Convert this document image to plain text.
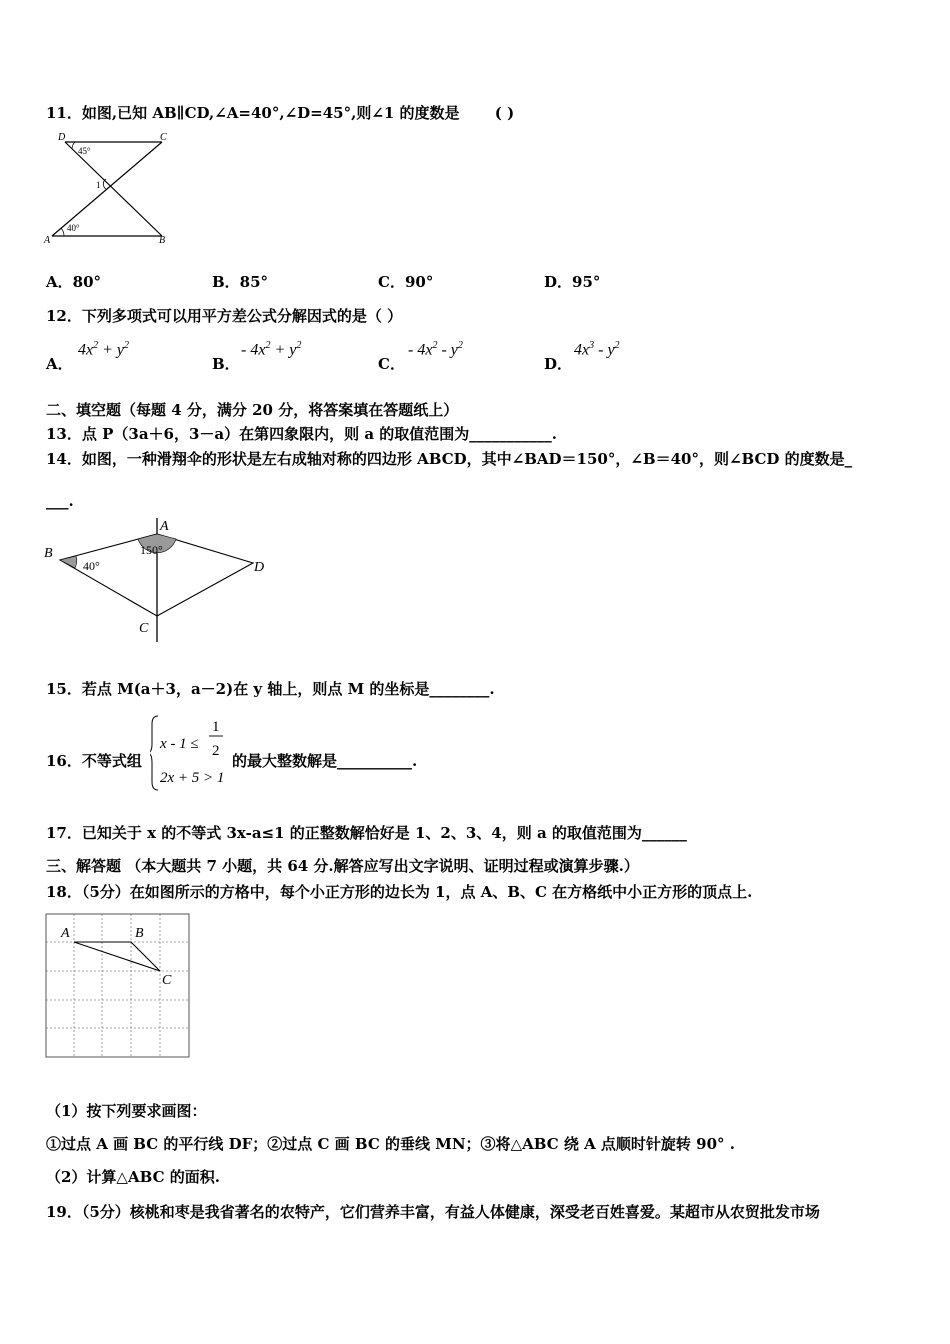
11．如图,已知 AB∥CD,∠A=40°,∠D=45°,则∠1 的度数是 ( )
D	C
A	B
45°
40°
1
A．80°	B．85°	C．90°	D．95°
12．下列多项式可以用平方差公式分解因式的是（ ）
A．
$4x^2 + y^2$
B．
- $4x^2 + y^2$
C．
- $4x^2 - y^2$
D．
$4x^3 - y^2$
二、填空题（每题 4 分，满分 20 分，将答案填在答题纸上）
13．点 P（3a＋6，3－a）在第四象限内，则 a 的取值范围为___________.
14．如图，一种滑翔伞的形状是左右成轴对称的四边形 ABCD，其中∠BAD＝150°，∠B＝40°，则∠BCD 的度数是_
___.
A
B
C
D
150°
40°
15．若点 M(a＋3，a－2)在 y 轴上，则点 M 的坐标是________.
16．不等式组
x - 1 ≤
1
2
2x + 5 > 1
的最大整数解是__________.
17．已知关于 x 的不等式 3x-a≤1 的正整数解恰好是 1、2、3、4，则 a 的取值范围为______
三、解答题 （本大题共 7 小题，共 64 分.解答应写出文字说明、证明过程或演算步骤.）
18．（5分）在如图所示的方格中，每个小正方形的边长为 1，点 A、B、C 在方格纸中小正方形的顶点上.
A	B
C
（1）按下列要求画图：
①过点 A 画 BC 的平行线 DF；②过点 C 画 BC 的垂线 MN；③将△ABC 绕 A 点顺时针旋转 90° .
（2）计算△ABC 的面积.
19．（5分）核桃和枣是我省著名的农特产，它们营养丰富，有益人体健康，深受老百姓喜爱。某超市从农贸批发市场
